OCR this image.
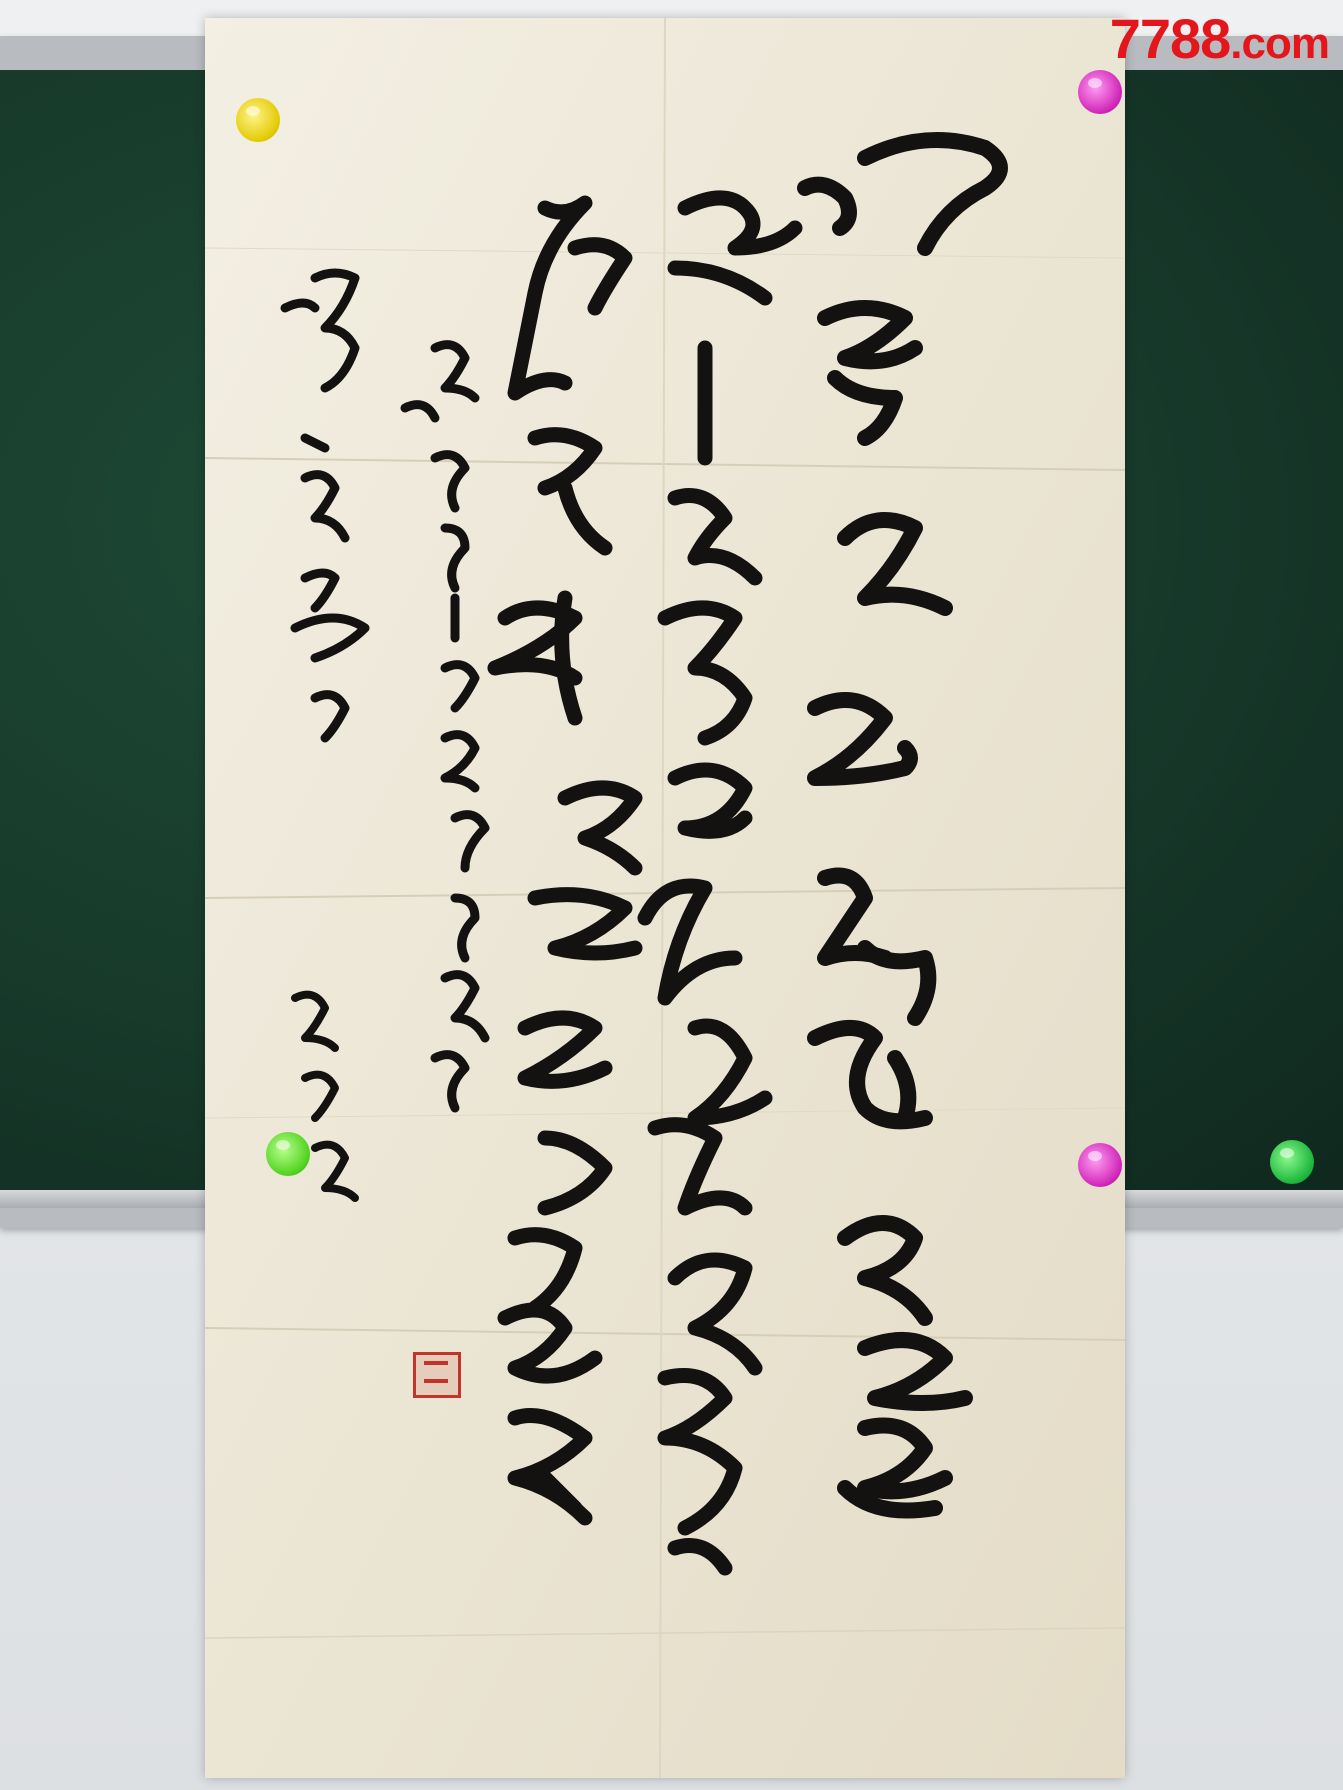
7788.com
